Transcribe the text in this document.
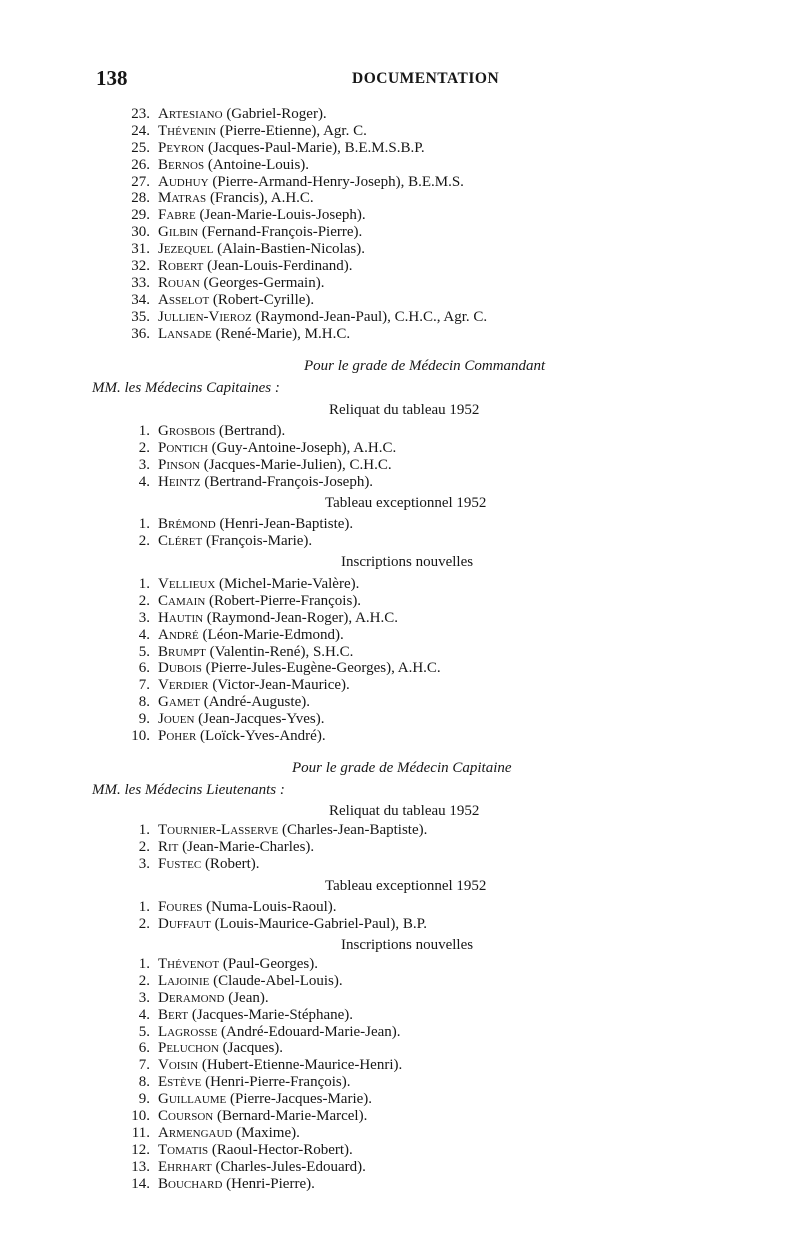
138	DOCUMENTATION
23. Artesiano (Gabriel-Roger).
24. Thévenin (Pierre-Etienne), Agr. C.
25. Peyron (Jacques-Paul-Marie), B.E.M.S.B.P.
26. Bernos (Antoine-Louis).
27. Audhuy (Pierre-Armand-Henry-Joseph), B.E.M.S.
28. Matras (Francis), A.H.C.
29. Fabre (Jean-Marie-Louis-Joseph).
30. Gilbin (Fernand-François-Pierre).
31. Jezequel (Alain-Bastien-Nicolas).
32. Robert (Jean-Louis-Ferdinand).
33. Rouan (Georges-Germain).
34. Asselot (Robert-Cyrille).
35. Jullien-Vieroz (Raymond-Jean-Paul), C.H.C., Agr. C.
36. Lansade (René-Marie), M.H.C.
Pour le grade de Médecin Commandant
MM. les Médecins Capitaines :
Reliquat du tableau 1952
1. Grosbois (Bertrand).
2. Pontich (Guy-Antoine-Joseph), A.H.C.
3. Pinson (Jacques-Marie-Julien), C.H.C.
4. Heintz (Bertrand-François-Joseph).
Tableau exceptionnel 1952
1. Brémond (Henri-Jean-Baptiste).
2. Cléret (François-Marie).
Inscriptions nouvelles
1. Vellieux (Michel-Marie-Valère).
2. Camain (Robert-Pierre-François).
3. Hautin (Raymond-Jean-Roger), A.H.C.
4. André (Léon-Marie-Edmond).
5. Brumpt (Valentin-René), S.H.C.
6. Dubois (Pierre-Jules-Eugène-Georges), A.H.C.
7. Verdier (Victor-Jean-Maurice).
8. Gamet (André-Auguste).
9. Jouen (Jean-Jacques-Yves).
10. Poher (Loïck-Yves-André).
Pour le grade de Médecin Capitaine
MM. les Médecins Lieutenants :
Reliquat du tableau 1952
1. Tournier-Lasserve (Charles-Jean-Baptiste).
2. Rit (Jean-Marie-Charles).
3. Fustec (Robert).
Tableau exceptionnel 1952
1. Foures (Numa-Louis-Raoul).
2. Duffaut (Louis-Maurice-Gabriel-Paul), B.P.
Inscriptions nouvelles
1. Thévenot (Paul-Georges).
2. Lajoinie (Claude-Abel-Louis).
3. Deramond (Jean).
4. Bert (Jacques-Marie-Stéphane).
5. Lagrosse (André-Edouard-Marie-Jean).
6. Peluchon (Jacques).
7. Voisin (Hubert-Etienne-Maurice-Henri).
8. Estève (Henri-Pierre-François).
9. Guillaume (Pierre-Jacques-Marie).
10. Courson (Bernard-Marie-Marcel).
11. Armengaud (Maxime).
12. Tomatis (Raoul-Hector-Robert).
13. Ehrhart (Charles-Jules-Edouard).
14. Bouchard (Henri-Pierre).
